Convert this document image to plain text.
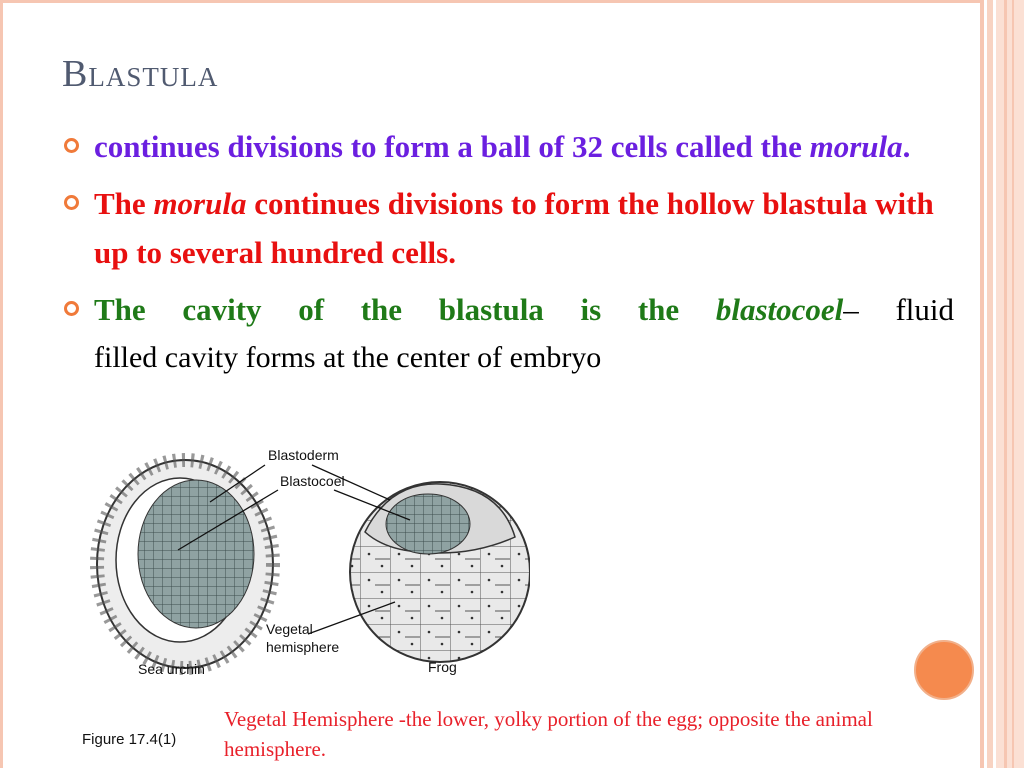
Blastula
continues divisions to form a ball of 32 cells called the morula.
The morula continues divisions to form the hollow blastula with up to several hundred cells.
The cavity of the blastula is the blastocoel– fluid
filled cavity forms at the center of embryo
Blastoderm
Blastocoel
Vegetal
hemisphere
Sea urchin	Frog
Figure 17.4(1)
Vegetal Hemisphere -the lower, yolky portion of the egg; opposite the animal hemisphere.
